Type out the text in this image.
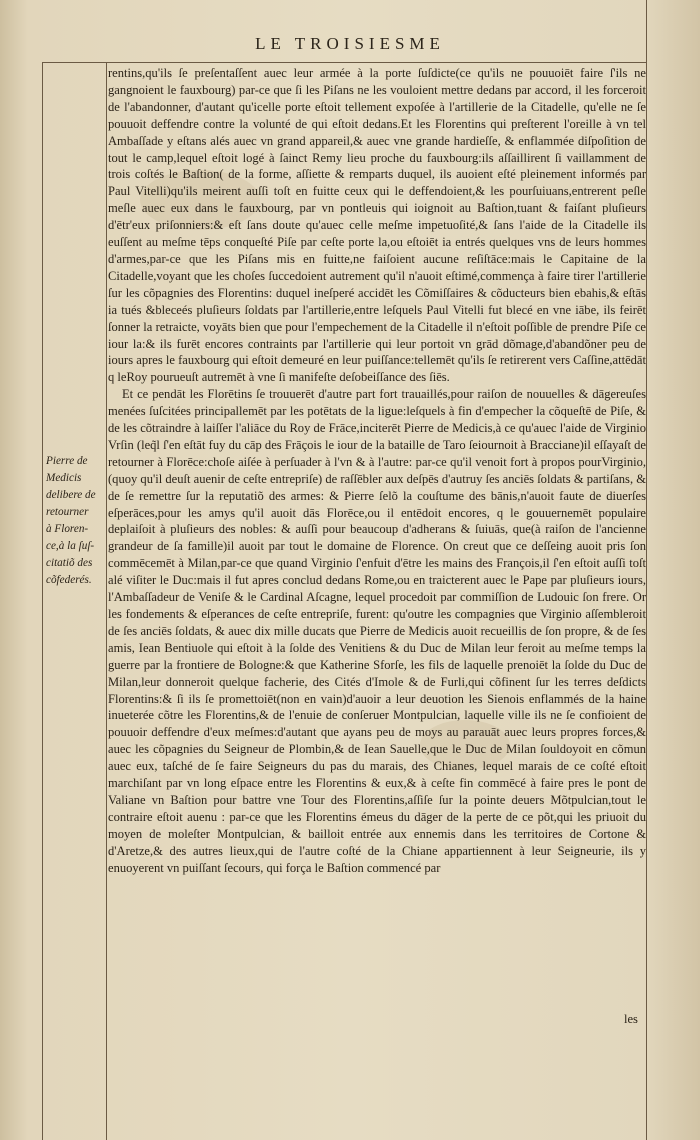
LE TROISIESME
Pierre de
Medicis
delibere de
retourner
à Floren-
ce,à la ſuſ-
citatiõ des
cõfederés.

rentins,qu'ils ſe preſentaſſent auec leur armée à la porte ſuſdicte(ce qu'ils ne pouuoiēt faire ſ'ils ne gangnoient le fauxbourg) par-ce que ſi les Piſans ne les vouloient mettre dedans par accord, il les forceroit de l'abandonner, d'autant qu'icelle porte eſtoit tellement expoſée à l'artillerie de la Citadelle, qu'elle ne ſe pouuoit deffendre contre la volunté de qui eſtoit dedans.Et les Florentins qui preſterent l'oreille à vn tel Ambaſſade y eſtans alés auec vn grand appareil,& auec vne grande hardieſſe, & enflammée diſpoſition de tout le camp,lequel eſtoit logé à ſainct Remy lieu proche du fauxbourg:ils aſſaillirent ſi vaillamment de trois coſtés le Baſtion( de la forme, aſſiette & remparts duquel, ils auoient eſté pleinement informés par Paul Vitelli)qu'ils meirent auſſi toſt en fuitte ceux qui le deffendoient,& les pourſuiuans,entrerent peſle meſle auec eux dans le fauxbourg, par vn pontleuis qui ioignoit au Baſtion,tuant & faiſant pluſieurs d'ētr'eux priſonniers:& eſt ſans doute qu'auec celle meſme impetuoſité,& ſans l'aide de la Citadelle ils euſſent au meſme tēps conqueſté Piſe par ceſte porte la,ou eſtoiēt ia entrés quelques vns de leurs hommes d'armes,par-ce que les Piſans mis en fuitte,ne faiſoient aucune reſiſtāce:mais le Capitaine de la Citadelle,voyant que les choſes ſuccedoient autrement qu'il n'auoit eſtimé,commença à faire tirer l'artillerie ſur les cõpagnies des Florentins: duquel ineſperé accidēt les Cõmiſſaires & cõducteurs bien ebahis,& eſtās ia tués &bleceés pluſieurs ſoldats par l'artillerie,entre leſquels Paul Vitelli fut blecé en vne iābe, ils feirēt ſonner la retraicte, voyāts bien que pour l'empechement de la Citadelle il n'eſtoit poſſible de prendre Piſe ce iour la:& ils furēt encores contraints par l'artillerie qui leur portoit vn grād dõmage,d'abandõner peu de iours apres le fauxbourg qui eſtoit demeuré en leur puiſſance:tellemēt qu'ils ſe retirerent vers Caſſine,attēdāt q leRoy pourueuſt autremēt à vne ſi manifeſte deſobeiſſance des ſiēs.

Et ce pendāt les Florētins ſe trouuerēt d'autre part fort trauaillés,pour raiſon de nouuelles & dāgereuſes menées ſuſcitées principallemēt par les potētats de la ligue:leſquels à fin d'empecher la cõqueſtē de Piſe, & de les cõtraindre à laiſſer l'aliāce du Roy de Frāce,inciterēt Pierre de Medicis,à ce qu'auec l'aide de Virginio Vrſin (leq̃l ſ'en eſtāt fuy du cāp des Frāçois le iour de la bataille de Taro ſeiournoit à Bracciane)il eſſayaſt de retourner à Florēce:choſe aiſée à perſuader à l'vn & à l'autre: par-ce qu'il venoit fort à propos pourVirginio,(quoy qu'il deuſt auenir de ceſte entrepriſe) de raſſēbler aux deſpēs d'autruy ſes anciēs ſoldats & partiſans, & de ſe remettre ſur la reputatiõ des armes: & Pierre ſelõ la couſtume des bānis,n'auoit faute de diuerſes eſperāces,pour les amys qu'il auoit dās Florēce,ou il entēdoit encores, q le gouuernemēt populaire deplaiſoit à pluſieurs des nobles: & auſſi pour beaucoup d'adherans & ſuiuās, que(à raiſon de l'ancienne grandeur de ſa famille)il auoit par tout le domaine de Florence. On creut que ce deſſeing auoit pris ſon commēcemēt à Milan,par-ce que quand Virginio ſ'enfuit d'ētre les mains des François,il ſ'en eſtoit auſſi toſt alé viſiter le Duc:mais il fut apres conclud dedans Rome,ou en traicterent auec le Pape par pluſieurs iours, l'Ambaſſadeur de Veniſe & le Cardinal Aſcagne, lequel procedoit par commiſſion de Ludouic ſon frere. Or les fondements & eſperances de ceſte entrepriſe, furent: qu'outre les compagnies que Virginio aſſembleroit de ſes anciēs ſoldats, & auec dix mille ducats que Pierre de Medicis auoit recueillis de ſon propre, & de ſes amis, Iean Bentiuole qui eſtoit à la ſolde des Venitiens & du Duc de Milan leur feroit au meſme temps la guerre par la frontiere de Bologne:& que Katherine Sforſe, les fils de laquelle prenoiēt la ſolde du Duc de Milan,leur donneroit quelque facherie, des Cités d'Imole & de Furli,qui cõfinent ſur les terres deſdicts Florentins:& ſi ils ſe promettoiēt(non en vain)d'auoir a leur deuotion les Sienois enflammés de la haine inueterée cõtre les Florentins,& de l'enuie de conſeruer Montpulcian, laquelle ville ils ne ſe confioient de pouuoir deffendre d'eux meſmes:d'autant que ayans peu de moys au parauāt auec leurs propres forces,& auec les cõpagnies du Seigneur de Plombin,& de Iean Sauelle,que le Duc de Milan ſouldoyoit en cõmun auec eux, taſché de ſe faire Seigneurs du pas du marais, des Chianes, lequel marais de ce coſté eſtoit marchiſant par vn long eſpace entre les Florentins & eux,& à ceſte fin commēcé à faire pres le pont de Valiane vn Baſtion pour battre vne Tour des Florentins,aſſiſe ſur la pointe deuers Mõtpulcian,tout le contraire eſtoit auenu : par-ce que les Florentins émeus du dāger de la perte de ce põt,qui les priuoit du moyen de moleſter Montpulcian, & bailloit entrée aux ennemis dans les territoires de Cortone & d'Aretze,& des autres lieux,qui de l'autre coſté de la Chiane appartiennent à leur Seigneurie, ils y enuoyerent vn puiſſant ſecours, qui força le Baſtion commencé par

les
